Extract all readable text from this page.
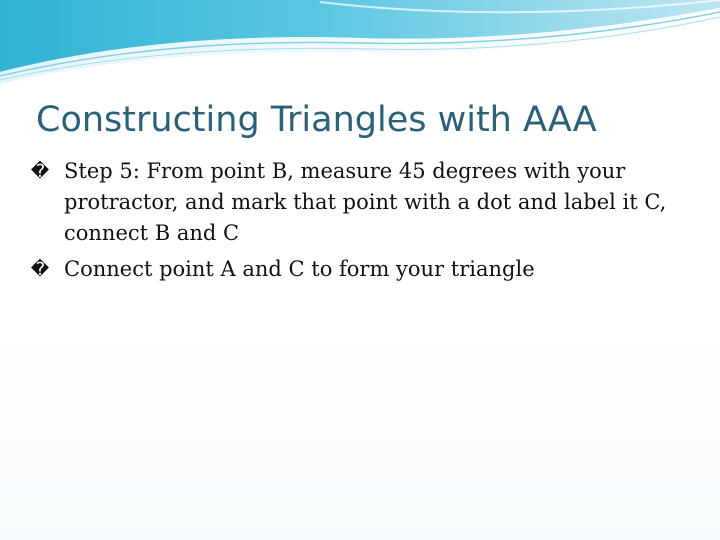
Constructing Triangles with AAA

� Step 5: From point B, measure 45 degrees with your protractor, and mark that point with a dot and label it C, connect B and C

� Connect point A and C to form your triangle
